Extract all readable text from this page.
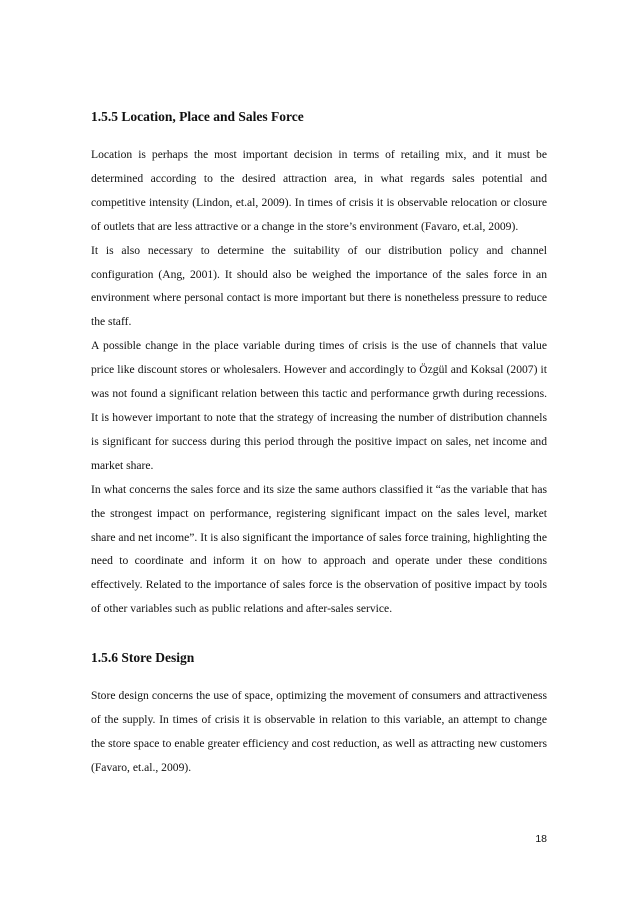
1.5.5 Location, Place and Sales Force

Location is perhaps the most important decision in terms of retailing mix, and it must be determined according to the desired attraction area, in what regards sales potential and competitive intensity (Lindon, et.al, 2009). In times of crisis it is observable relocation or closure of outlets that are less attractive or a change in the store’s environment (Favaro, et.al, 2009).

It is also necessary to determine the suitability of our distribution policy and channel configuration (Ang, 2001). It should also be weighed the importance of the sales force in an environment where personal contact is more important but there is nonetheless pressure to reduce the staff.

A possible change in the place variable during times of crisis is the use of channels that value price like discount stores or wholesalers. However and accordingly to Özgül and Koksal (2007) it was not found a significant relation between this tactic and performance grwth during recessions. It is however important to note that the strategy of increasing the number of distribution channels is significant for success during this period through the positive impact on sales, net income and market share.

In what concerns the sales force and its size the same authors classified it “as the variable that has the strongest impact on performance, registering significant impact on the sales level, market share and net income”. It is also significant the importance of sales force training, highlighting the need to coordinate and inform it on how to approach and operate under these conditions effectively. Related to the importance of sales force is the observation of positive impact by tools of other variables such as public relations and after-sales service.

1.5.6 Store Design

Store design concerns the use of space, optimizing the movement of consumers and attractiveness of the supply. In times of crisis it is observable in relation to this variable, an attempt to change the store space to enable greater efficiency and cost reduction, as well as attracting new customers (Favaro, et.al., 2009).

18
